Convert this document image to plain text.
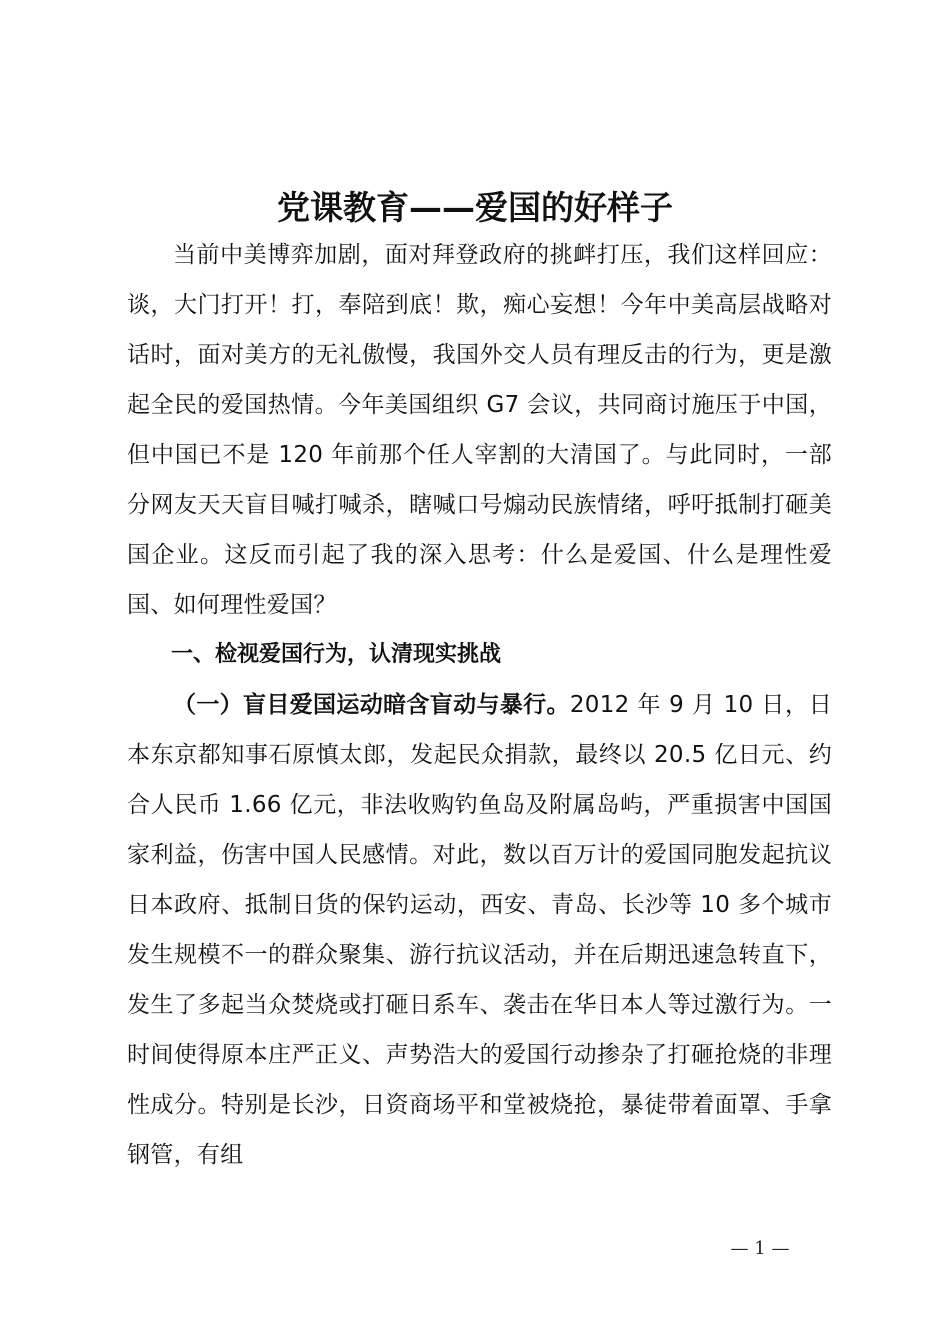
党课教育——爱国的好样子

当前中美博弈加剧，面对拜登政府的挑衅打压，我们这样回应：谈，大门打开！打，奉陪到底！欺，痴心妄想！今年中美高层战略对话时，面对美方的无礼傲慢，我国外交人员有理反击的行为，更是激起全民的爱国热情。今年美国组织 G7 会议，共同商讨施压于中国，但中国已不是 120 年前那个任人宰割的大清国了。与此同时，一部分网友天天盲目喊打喊杀，瞎喊口号煽动民族情绪，呼吁抵制打砸美国企业。这反而引起了我的深入思考：什么是爱国、什么是理性爱国、如何理性爱国？

一、检视爱国行为，认清现实挑战

（一）盲目爱国运动暗含盲动与暴行。2012 年 9 月 10 日，日本东京都知事石原慎太郎，发起民众捐款，最终以 20.5 亿日元、约合人民币 1.66 亿元，非法收购钓鱼岛及附属岛屿，严重损害中国国家利益，伤害中国人民感情。对此，数以百万计的爱国同胞发起抗议日本政府、抵制日货的保钓运动，西安、青岛、长沙等 10 多个城市发生规模不一的群众聚集、游行抗议活动，并在后期迅速急转直下，发生了多起当众焚烧或打砸日系车、袭击在华日本人等过激行为。一时间使得原本庄严正义、声势浩大的爱国行动掺杂了打砸抢烧的非理性成分。特别是长沙，日资商场平和堂被烧抢，暴徒带着面罩、手拿钢管，有组

— 1 —
